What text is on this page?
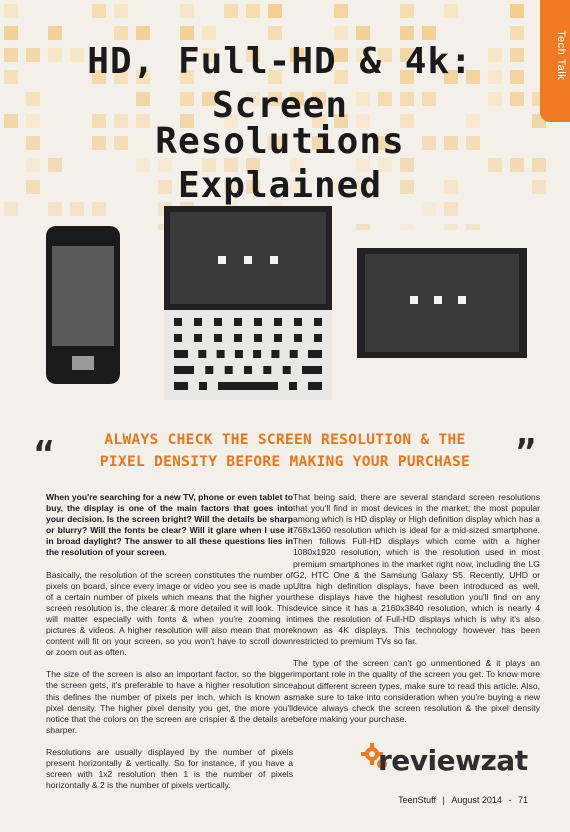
Tech Talk
HD, Full-HD & 4k:
Screen Resolutions
Explained
“	ALWAYS CHECK THE SCREEN RESOLUTION & THE
PIXEL DENSITY BEFORE MAKING YOUR PURCHASE	”

When you're searching for a new TV, phone or even tablet to buy, the display is one of the main factors that goes into your decision. Is the screen bright? Will the details be sharp or blurry? Will the fonts be clear? Will it glare when I use it in broad daylight? The answer to all these questions lies in the resolution of your screen.

Basically, the resolution of the screen constitutes the number of pixels on board, since every image or video you see is made up of a certain number of pixels which means that the higher your screen resolution is, the clearer & more detailed it will look. This will matter especially with fonts & when you're zooming in pictures & videos. A higher resolution will also mean that more content will fit on your screen, so you won't have to scroll down or zoom out as often.

The size of the screen is also an important factor, so the bigger the screen gets, it's preferable to have a higher resolution since this defines the number of pixels per inch, which is known as pixel density. The higher pixel density you get, the more you'll notice that the colors on the screen are crispier & the details are sharper.

Resolutions are usually displayed by the number of pixels present horizontally & vertically. So for instance, if you have a screen with 1x2 resolution then 1 is the number of pixels horizontally & 2 is the number of pixels vertically.

That being said, there are several standard screen resolutions that you'll find in most devices in the market; the most popular among which is HD display or High definition display which has a 768x1360 resolution which is ideal for a mid-sized smartphone. Then follows Full-HD displays which come with a higher 1080x1920 resolution, which is the resolution used in most premium smartphones in the market right now, including the LG G2, HTC One & the Samsung Galaxy S5. Recently, UHD or Ultra high definition displays, have been introduced as well, these displays have the highest resolution you'll find on any device since it has a 2160x3840 resolution, which is nearly 4 times the resolution of Full-HD displays which is why it's also known as 4K displays. This technology however has been restricted to premium TVs so far.

The type of the screen can't go unmentioned & it plays an important role in the quality of the screen you get. To know more about different screen types, make sure to read this article. Also, make sure to take into consideration when you're buying a new device always check the screen resolution & the pixel density before making your purchase.

reviewzat
TeenStuff | August 2014 - 71
